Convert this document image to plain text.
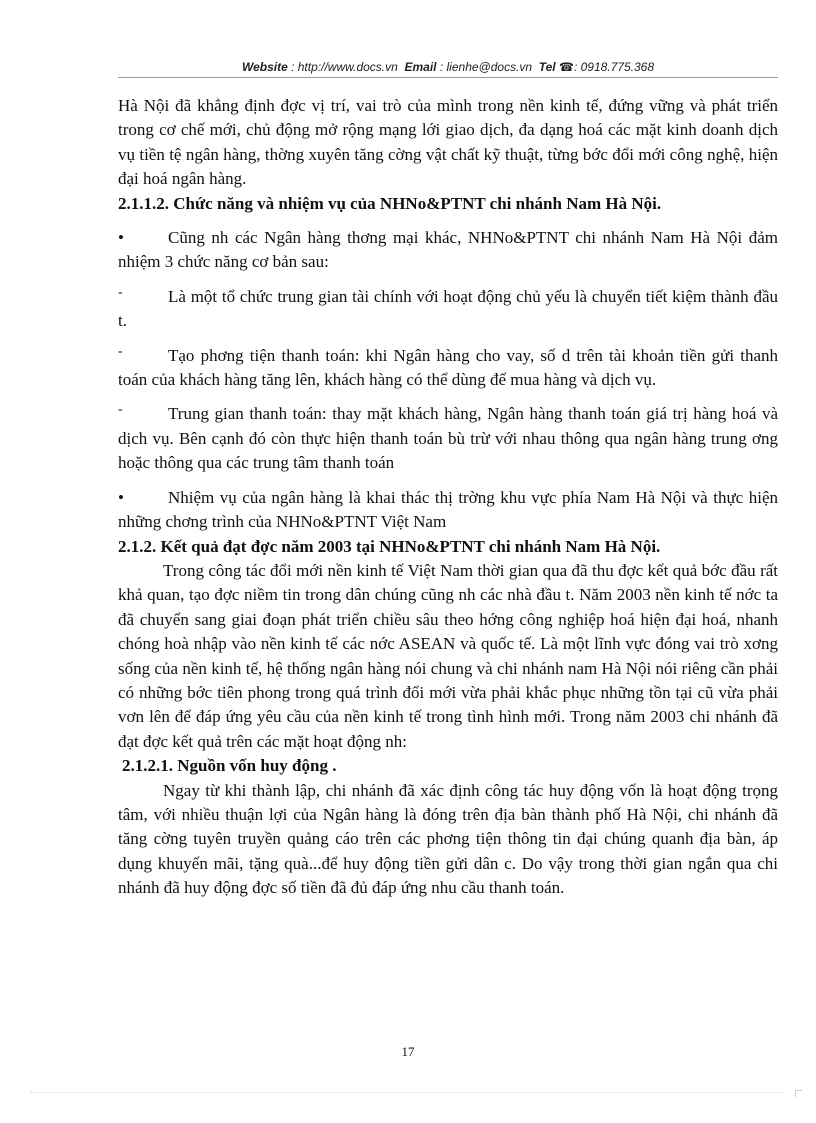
Website : http://www.docs.vn Email : lienhe@docs.vn Tel ☎: 0918.775.368

Hà Nội đã khẳng định đợc vị trí, vai trò của mình trong nền kinh tế, đứng vững và phát triển trong cơ chế mới, chủ động mở rộng mạng lới giao dịch, đa dạng hoá các mặt kinh doanh dịch vụ tiền tệ ngân hàng, thờng xuyên tăng cờng vật chất kỹ thuật, từng bớc đổi mới công nghệ, hiện đại hoá ngân hàng.

2.1.1.2. Chức năng và nhiệm vụ của NHNo&PTNT chi nhánh Nam Hà Nội.

•	Cũng nh các Ngân hàng thơng mại khác, NHNo&PTNT chi nhánh Nam Hà Nội đảm nhiệm 3 chức năng cơ bản sau:
-	Là một tổ chức trung gian tài chính với hoạt động chủ yếu là chuyển tiết kiệm thành đầu t.
-	Tạo phơng tiện thanh toán: khi Ngân hàng cho vay, số d trên tài khoản tiền gửi thanh toán của khách hàng tăng lên, khách hàng có thể dùng để mua hàng và dịch vụ.
-	Trung gian thanh toán: thay mặt khách hàng, Ngân hàng thanh toán giá trị hàng hoá và dịch vụ. Bên cạnh đó còn thực hiện thanh toán bù trừ với nhau thông qua ngân hàng trung ơng hoặc thông qua các trung tâm thanh toán
•	Nhiệm vụ của ngân hàng là khai thác thị trờng khu vực phía Nam Hà Nội và thực hiện những chơng trình của NHNo&PTNT Việt Nam

2.1.2. Kết quả đạt đợc năm 2003 tại NHNo&PTNT chi nhánh Nam Hà Nội.

Trong công tác đổi mới nền kinh tế Việt Nam thời gian qua đã thu đợc kết quả bớc đầu rất khả quan, tạo đợc niềm tin trong dân chúng cũng nh các nhà đầu t. Năm 2003 nền kinh tế nớc ta đã chuyển sang giai đoạn phát triển chiều sâu theo hớng công nghiệp hoá hiện đại hoá, nhanh chóng hoà nhập vào nền kinh tế các nớc ASEAN và quốc tế. Là một lĩnh vực đóng vai trò xơng sống của nền kinh tế, hệ thống ngân hàng nói chung và chi nhánh nam Hà Nội nói riêng cần phải có những bớc tiên phong trong quá trình đổi mới vừa phải khắc phục những tồn tại cũ vừa phải vơn lên để đáp ứng yêu cầu của nền kinh tế trong tình hình mới. Trong năm 2003 chi nhánh đã đạt đợc kết quả trên các mặt hoạt động nh:

2.1.2.1. Nguồn vốn huy động .

Ngay từ khi thành lập, chi nhánh đã xác định công tác huy động vốn là hoạt động trọng tâm, với nhiều thuận lợi của Ngân hàng là đóng trên địa bàn thành phố Hà Nội, chi nhánh đã tăng cờng tuyên truyền quảng cáo trên các phơng tiện thông tin đại chúng quanh địa bàn, áp dụng khuyến mãi, tặng quà...để huy động tiền gửi dân c. Do vậy trong thời gian ngắn qua chi nhánh đã huy động đợc số tiền đã đủ đáp ứng nhu cầu thanh toán.

17
